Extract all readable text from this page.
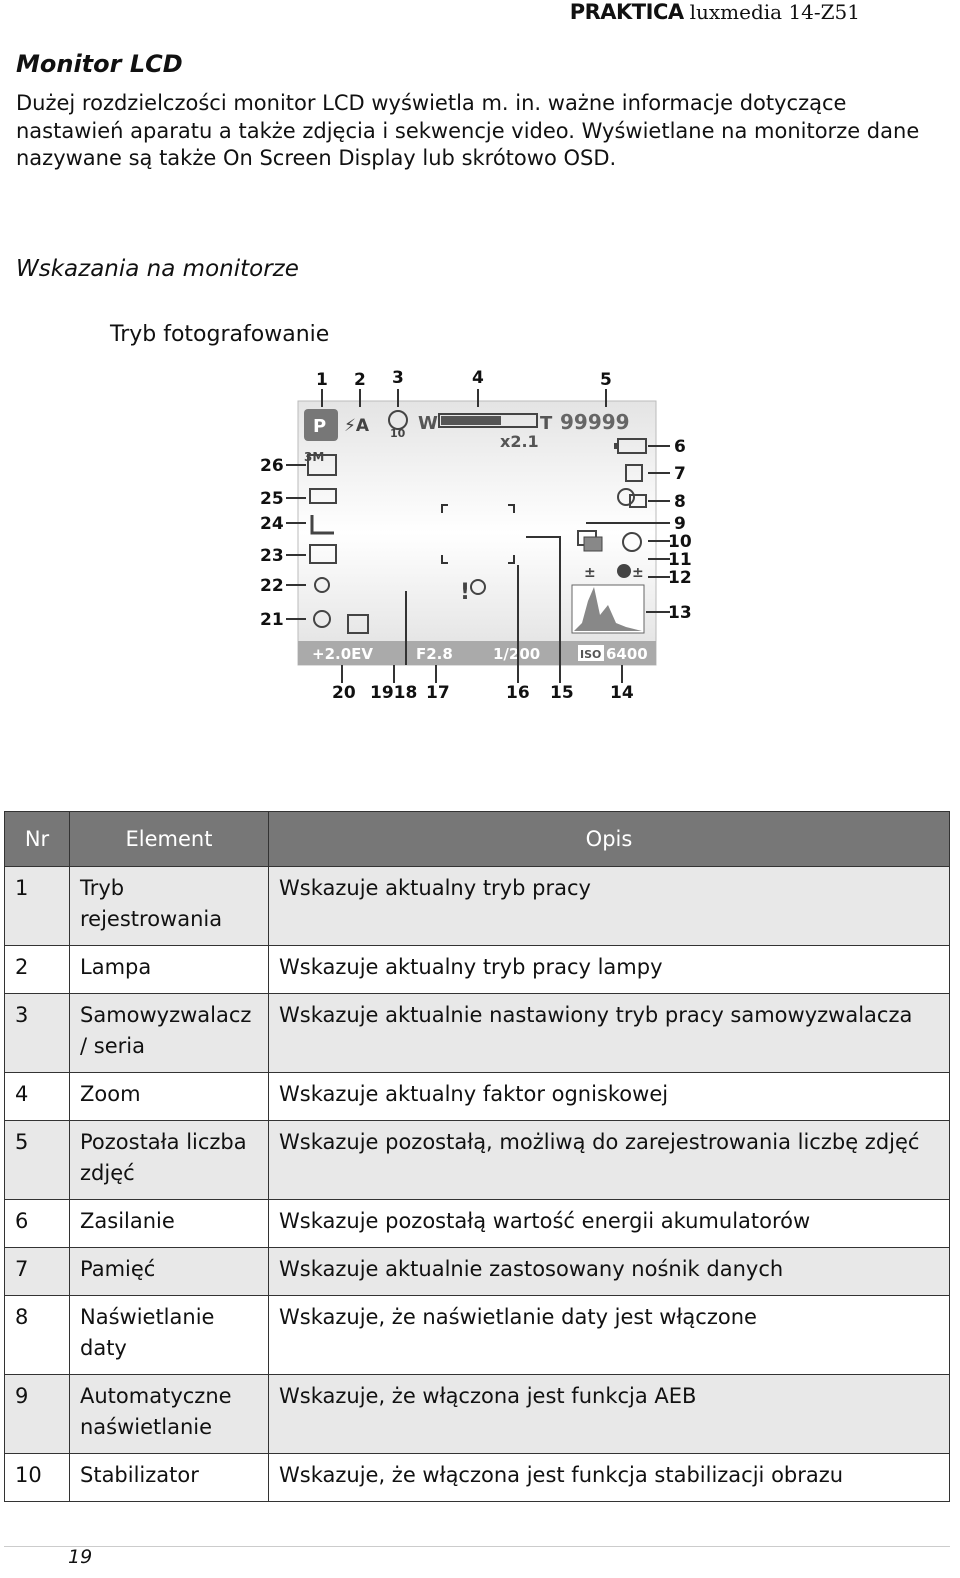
PRAKTICA luxmedia 14-Z51
Monitor LCD
Dużej rozdzielczości monitor LCD wyświetla m. in. ważne informacje dotyczące nastawień aparatu a także zdjęcia i sekwencje video. Wyświetlane na monitorze dane nazywane są także On Screen Display lub skrótowo OSD.
Wskazania na monitorze
Tryb fotografowanie
P ⚡A 10 W	T 99999
x2.1
±	±
3M
!
+2.0EV	F2.8	1/200	ISO 6400
1 2 3	4	5
6
7
8
9
10
11
12
13
14
15
16
17
1918
20
21
22
23
24
25
26
Nr	Element	Opis
1	Tryb rejestrowania	Wskazuje aktualny tryb pracy
2	Lampa	Wskazuje aktualny tryb pracy lampy
3	Samowyzwalacz / seria	Wskazuje aktualnie nastawiony tryb pracy samowyzwalacza
4	Zoom	Wskazuje aktualny faktor ogniskowej
5	Pozostała liczba zdjęć	Wskazuje pozostałą, możliwą do zarejestrowania liczbę zdjęć
6	Zasilanie	Wskazuje pozostałą wartość energii akumulatorów
7	Pamięć	Wskazuje aktualnie zastosowany nośnik danych
8	Naświetlanie daty	Wskazuje, że naświetlanie daty jest włączone
9	Automatyczne naświetlanie	Wskazuje, że włączona jest funkcja AEB
10	Stabilizator	Wskazuje, że włączona jest funkcja stabilizacji obrazu
19
